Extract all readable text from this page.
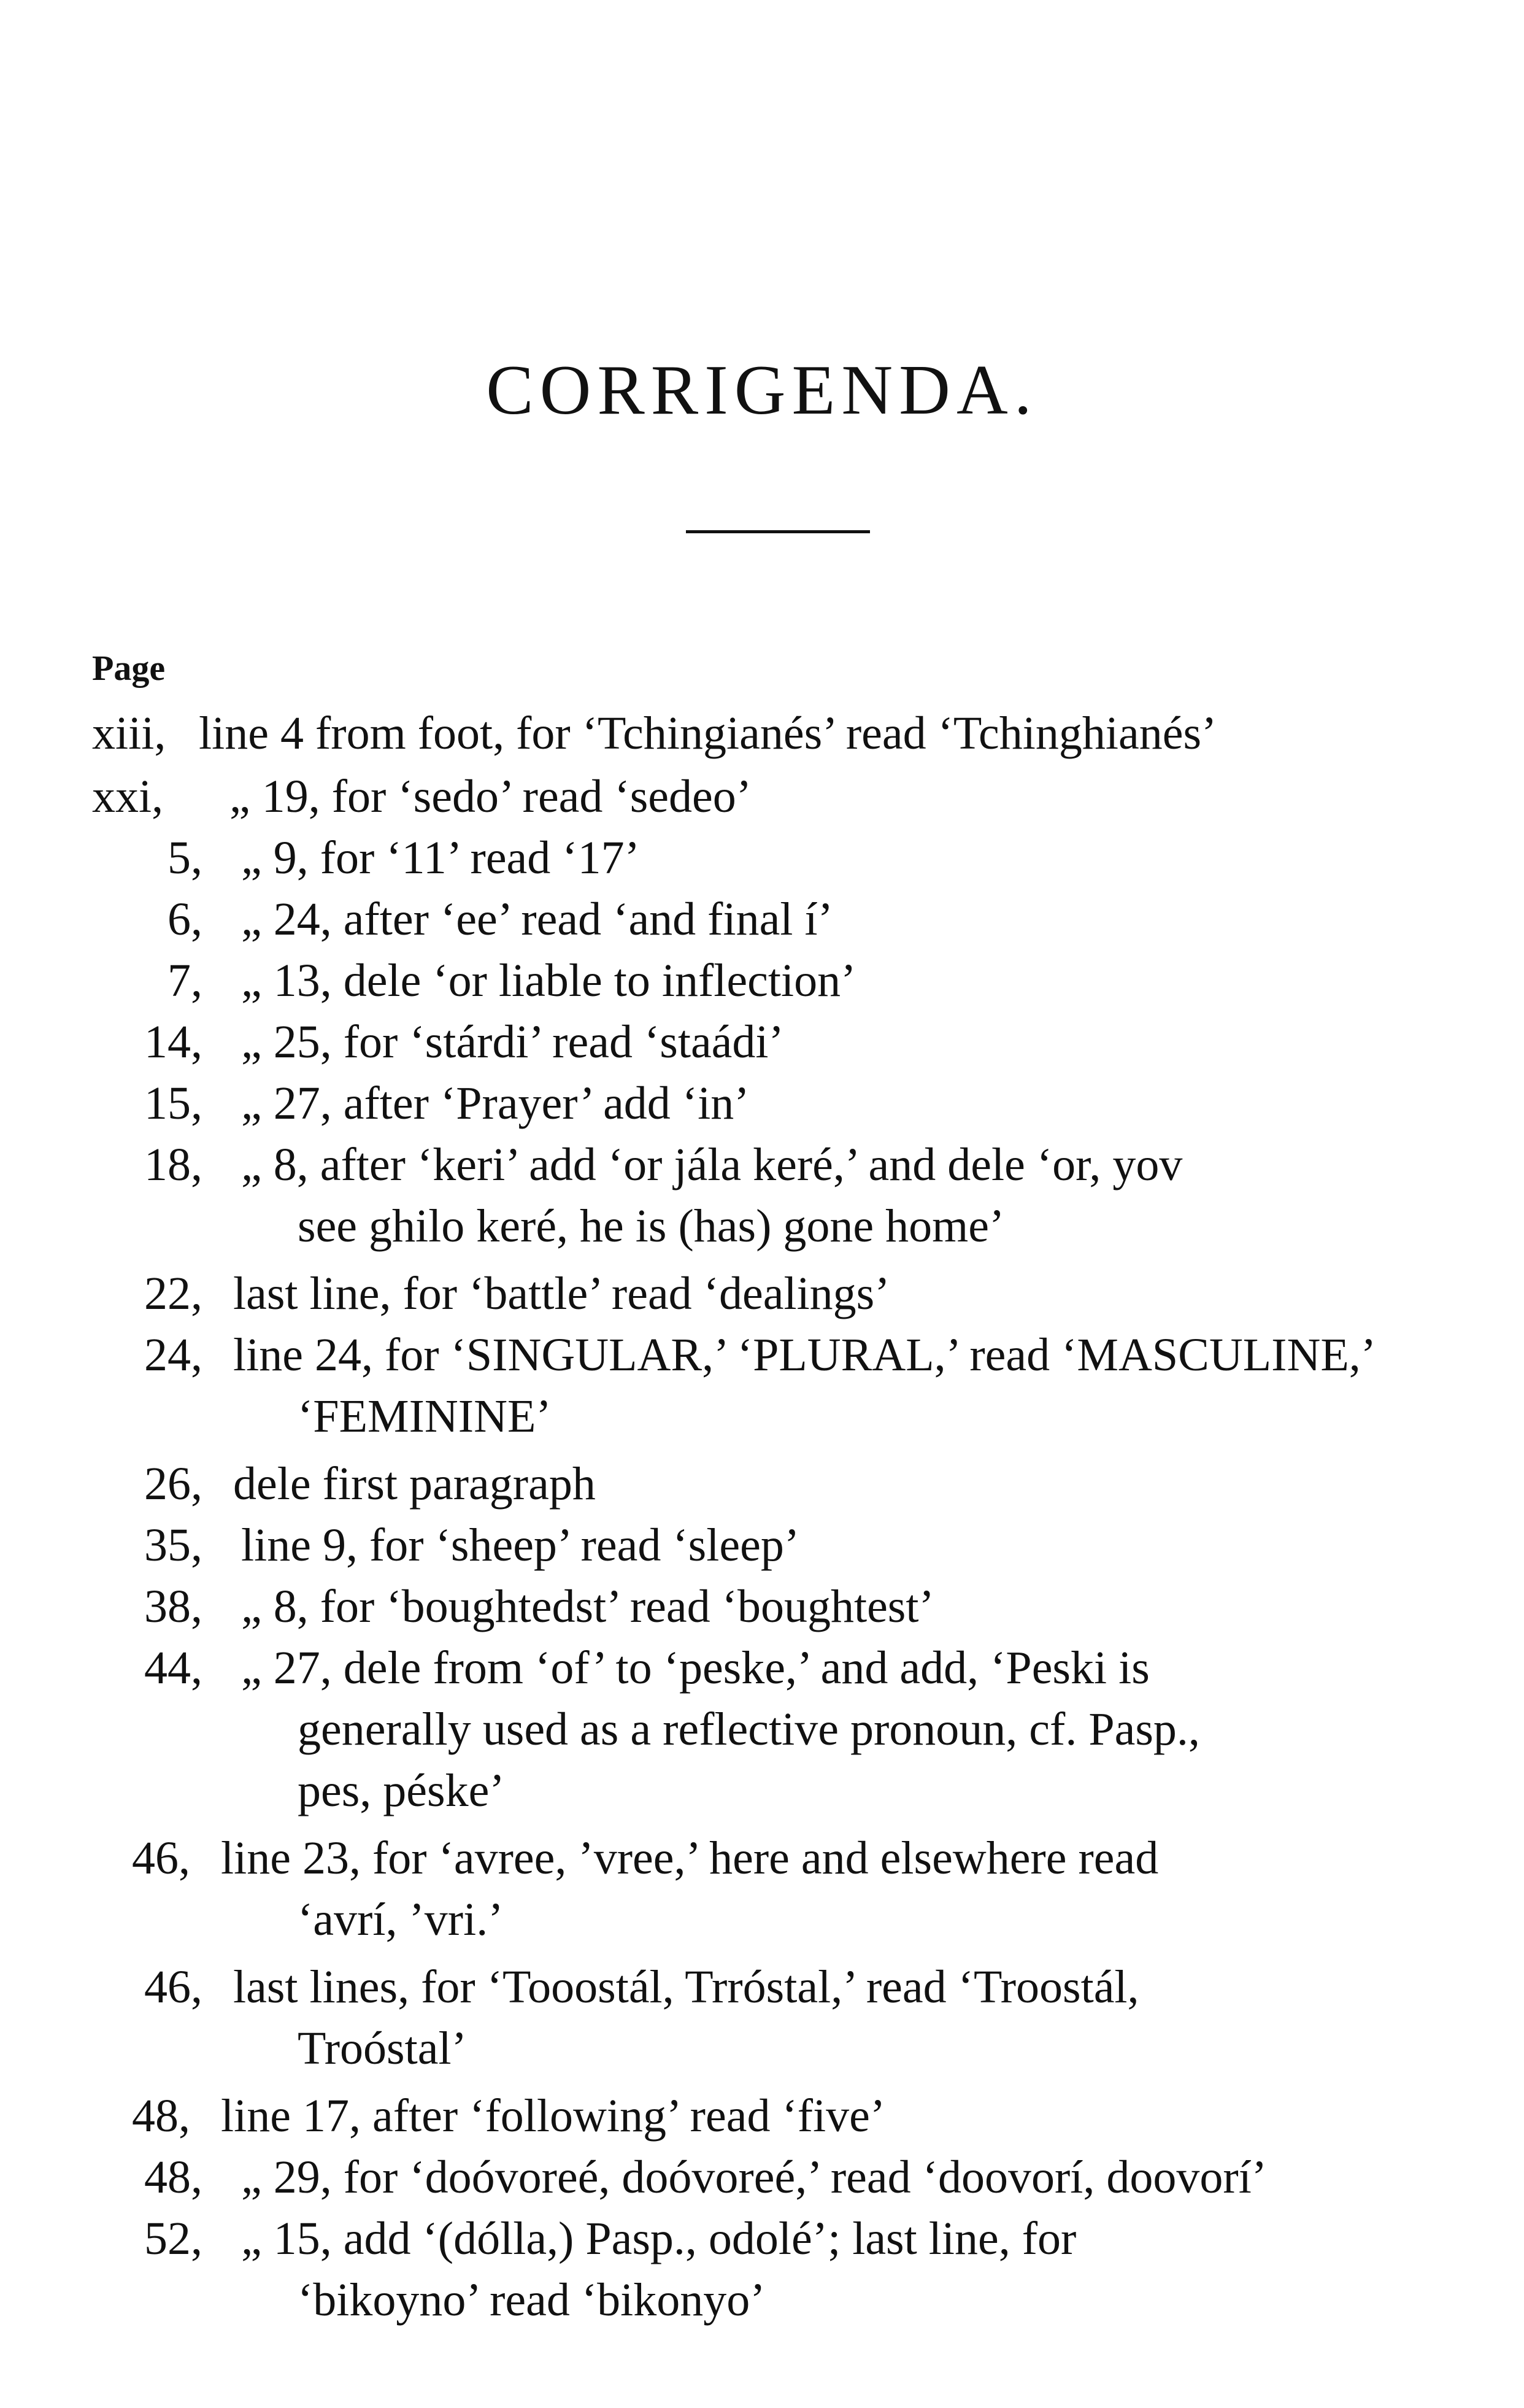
CORRIGENDA.
Page
xiii, line 4 from foot, for ‘Tchingianés’ read ‘Tchinghianés’
xxi, „ 19, for ‘sedo’ read ‘sedeo’
5, „ 9, for ‘11’ read ‘17’
6, „ 24, after ‘ee’ read ‘and final í’
7, „ 13, dele ‘or liable to inflection’
14, „ 25, for ‘stárdi’ read ‘staádi’
15, „ 27, after ‘Prayer’ add ‘in’
18, „ 8, after ‘keri’ add ‘or jála keré,’ and dele ‘or, yov
see ghilo keré, he is (has) gone home’
22, last line, for ‘battle’ read ‘dealings’
24, line 24, for ‘SINGULAR,’ ‘PLURAL,’ read ‘MASCULINE,’
‘FEMININE’
26, dele first paragraph
35, line 9, for ‘sheep’ read ‘sleep’
38, „ 8, for ‘boughtedst’ read ‘boughtest’
44, „ 27, dele from ‘of’ to ‘peske,’ and add, ‘Peski is
generally used as a reflective pronoun, cf. Pasp.,
pes, péske’
46, line 23, for ‘avree, ’vree,’ here and elsewhere read
‘avrí, ’vri.’
46, last lines, for ‘Tooostál, Trróstal,’ read ‘Troostál,
Troóstal’
48, line 17, after ‘following’ read ‘five’
48, „ 29, for ‘doóvoreé, doóvoreé,’ read ‘doovorí, doovorí’
52, „ 15, add ‘(dólla,) Pasp., odolé’; last line, for
‘bikoyno’ read ‘bikonyo’
